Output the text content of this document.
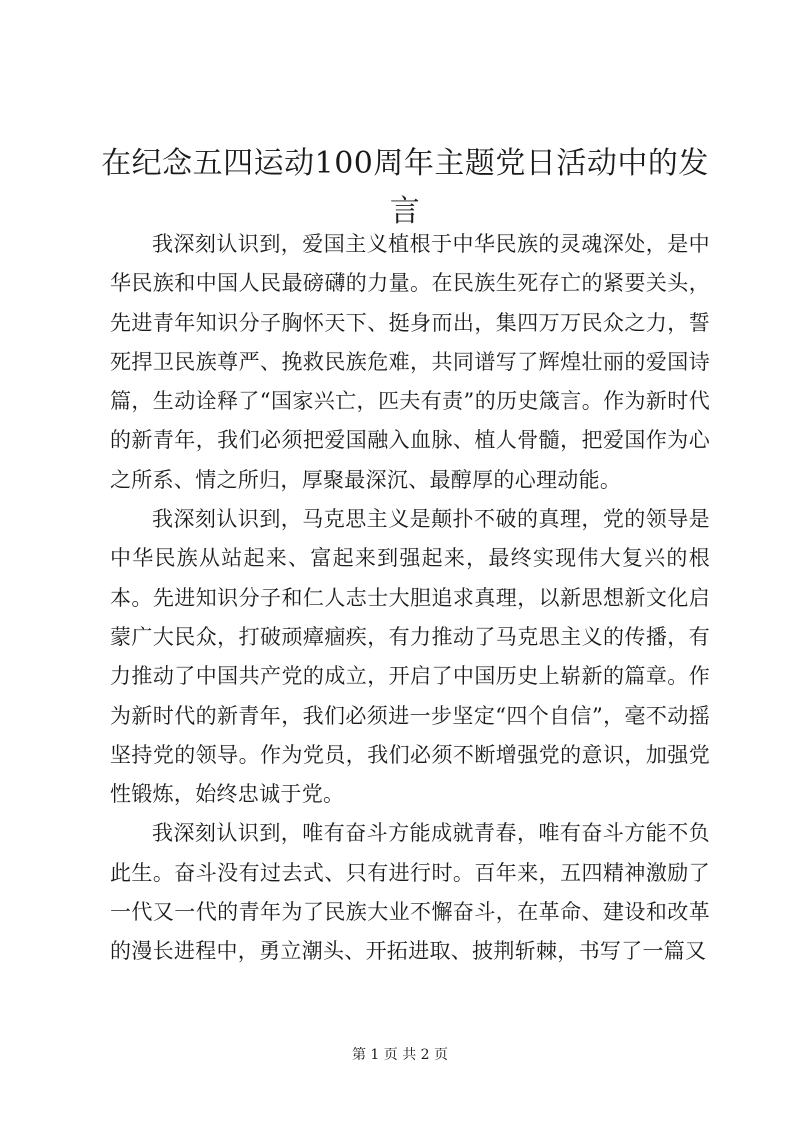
在纪念五四运动100周年主题党日活动中的发言

我深刻认识到，爱国主义植根于中华民族的灵魂深处，是中华民族和中国人民最磅礴的力量。在民族生死存亡的紧要关头，先进青年知识分子胸怀天下、挺身而出，集四万万民众之力，誓死捍卫民族尊严、挽救民族危难，共同谱写了辉煌壮丽的爱国诗篇，生动诠释了“国家兴亡，匹夫有责”的历史箴言。作为新时代的新青年，我们必须把爱国融入血脉、植人骨髓，把爱国作为心之所系、情之所归，厚聚最深沉、最醇厚的心理动能。

我深刻认识到，马克思主义是颠扑不破的真理，党的领导是中华民族从站起来、富起来到强起来，最终实现伟大复兴的根本。先进知识分子和仁人志士大胆追求真理，以新思想新文化启蒙广大民众，打破顽瘴痼疾，有力推动了马克思主义的传播，有力推动了中国共产党的成立，开启了中国历史上崭新的篇章。作为新时代的新青年，我们必须进一步坚定“四个自信”，毫不动摇坚持党的领导。作为党员，我们必须不断增强党的意识，加强党性锻炼，始终忠诚于党。

我深刻认识到，唯有奋斗方能成就青春，唯有奋斗方能不负此生。奋斗没有过去式、只有进行时。百年来，五四精神激励了一代又一代的青年为了民族大业不懈奋斗，在革命、建设和改革的漫长进程中，勇立潮头、开拓进取、披荆斩棘，书写了一篇又

第 1 页 共 2 页
